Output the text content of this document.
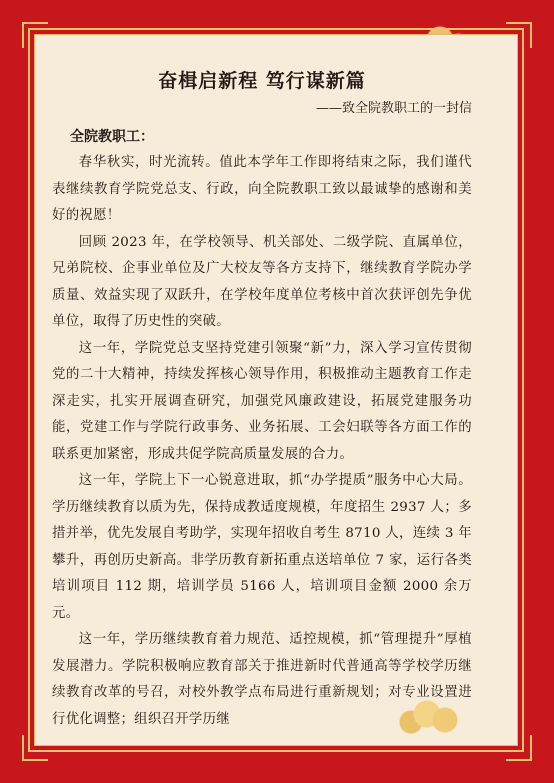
奋楫启新程 笃行谋新篇
——致全院教职工的一封信
全院教职工：

春华秋实，时光流转。值此本学年工作即将结束之际，我们谨代表继续教育学院党总支、行政，向全院教职工致以最诚挚的感谢和美好的祝愿！

回顾 2023 年，在学校领导、机关部处、二级学院、直属单位，兄弟院校、企事业单位及广大校友等各方支持下，继续教育学院办学质量、效益实现了双跃升，在学校年度单位考核中首次获评创先争优单位，取得了历史性的突破。

这一年，学院党总支坚持党建引领聚“新”力，深入学习宣传贯彻党的二十大精神，持续发挥核心领导作用，积极推动主题教育工作走深走实，扎实开展调查研究，加强党风廉政建设，拓展党建服务功能，党建工作与学院行政事务、业务拓展、工会妇联等各方面工作的联系更加紧密，形成共促学院高质量发展的合力。

这一年，学院上下一心锐意进取，抓“办学提质”服务中心大局。学历继续教育以质为先，保持成教适度规模，年度招生 2937 人；多措并举，优先发展自考助学，实现年招收自考生 8710 人，连续 3 年攀升，再创历史新高。非学历教育新拓重点送培单位 7 家，运行各类培训项目 112 期，培训学员 5166 人，培训项目金额 2000 余万元。

这一年，学历继续教育着力规范、适控规模，抓“管理提升”厚植发展潜力。学院积极响应教育部关于推进新时代普通高等学校学历继续教育改革的号召，对校外教学点布局进行重新规划；对专业设置进行优化调整；组织召开学历继
